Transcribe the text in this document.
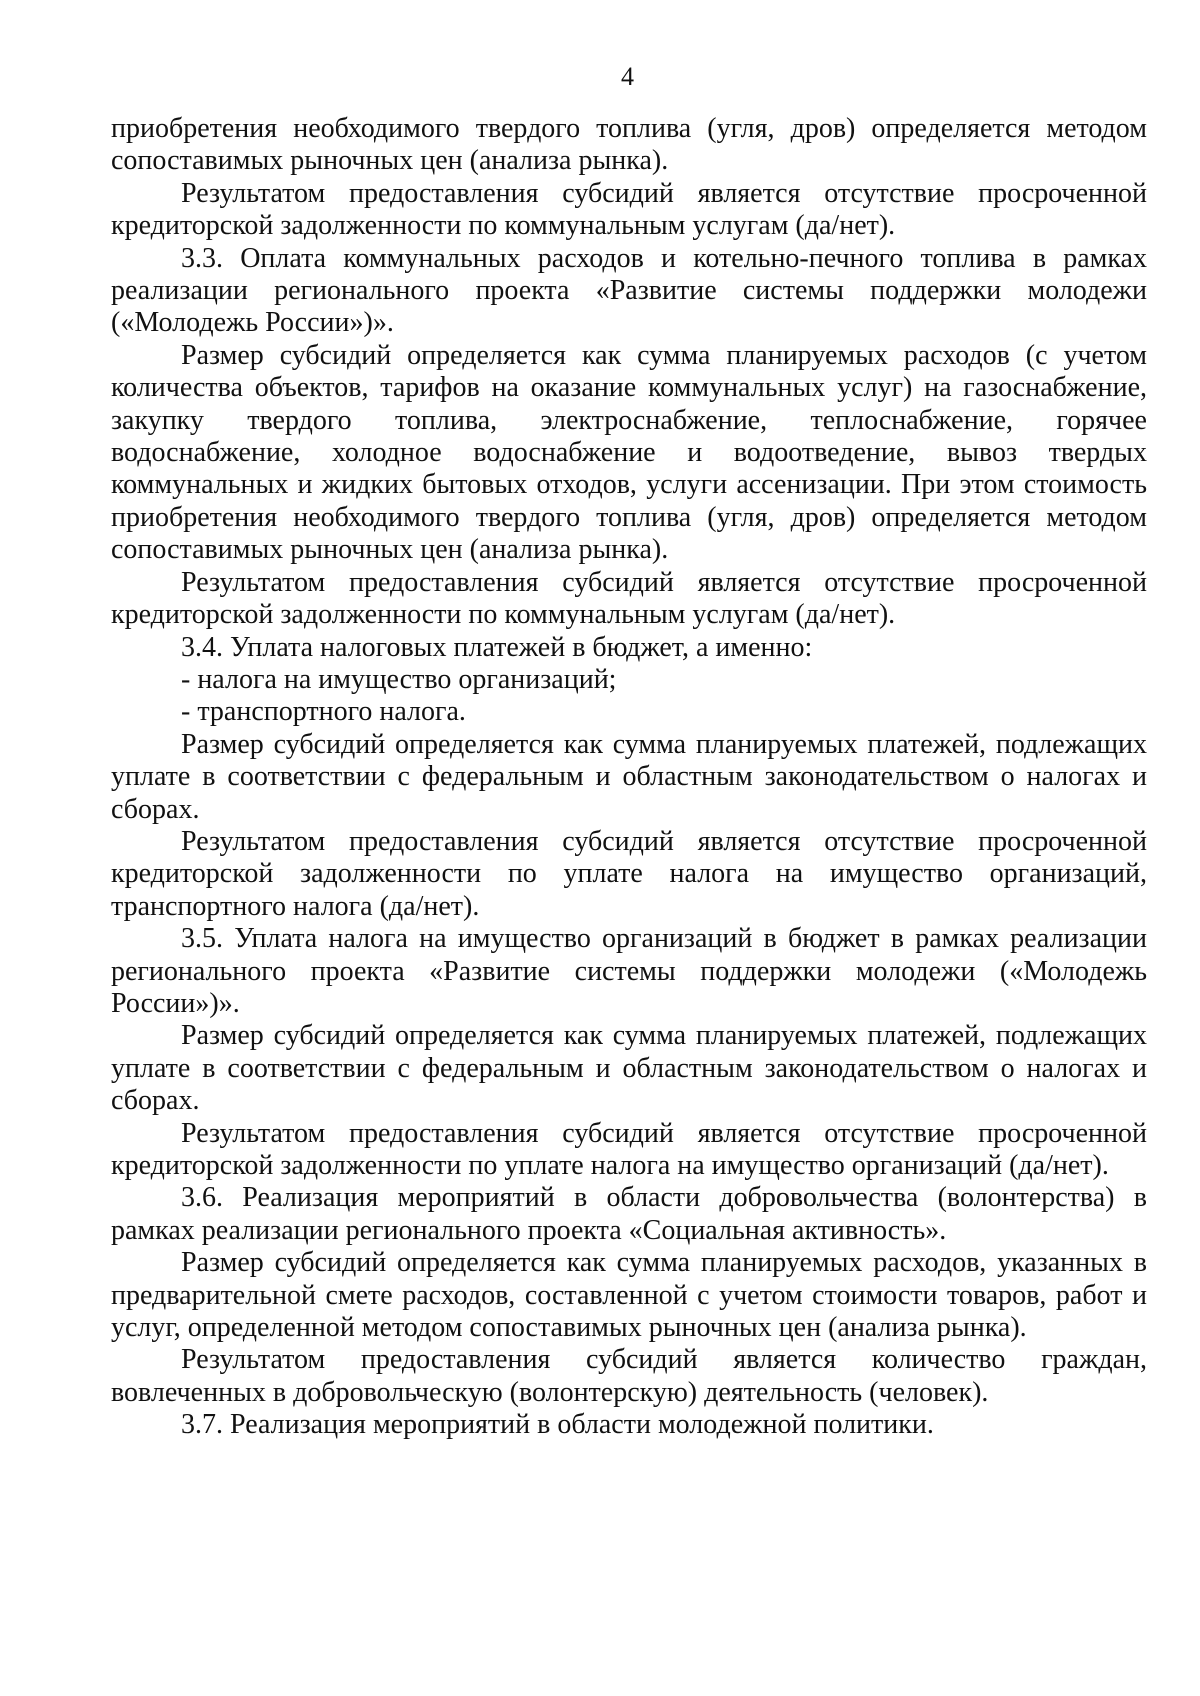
4

приобретения необходимого твердого топлива (угля, дров) определяется методом сопоставимых рыночных цен (анализа рынка).

Результатом предоставления субсидий является отсутствие просроченной кредиторской задолженности по коммунальным услугам (да/нет).

3.3. Оплата коммунальных расходов и котельно-печного топлива в рамках реализации регионального проекта «Развитие системы поддержки молодежи («Молодежь России»)».

Размер субсидий определяется как сумма планируемых расходов (с учетом количества объектов, тарифов на оказание коммунальных услуг) на газоснабжение, закупку твердого топлива, электроснабжение, теплоснабжение, горячее водоснабжение, холодное водоснабжение и водоотведение, вывоз твердых коммунальных и жидких бытовых отходов, услуги ассенизации. При этом стоимость приобретения необходимого твердого топлива (угля, дров) определяется методом сопоставимых рыночных цен (анализа рынка).

Результатом предоставления субсидий является отсутствие просроченной кредиторской задолженности по коммунальным услугам (да/нет).

3.4. Уплата налоговых платежей в бюджет, а именно:

- налога на имущество организаций;

- транспортного налога.

Размер субсидий определяется как сумма планируемых платежей, подлежащих уплате в соответствии с федеральным и областным законодательством о налогах и сборах.

Результатом предоставления субсидий является отсутствие просроченной кредиторской задолженности по уплате налога на имущество организаций, транспортного налога (да/нет).

3.5. Уплата налога на имущество организаций в бюджет в рамках реализации регионального проекта «Развитие системы поддержки молодежи («Молодежь России»)».

Размер субсидий определяется как сумма планируемых платежей, подлежащих уплате в соответствии с федеральным и областным законодательством о налогах и сборах.

Результатом предоставления субсидий является отсутствие просроченной кредиторской задолженности по уплате налога на имущество организаций (да/нет).

3.6. Реализация мероприятий в области добровольчества (волонтерства) в рамках реализации регионального проекта «Социальная активность».

Размер субсидий определяется как сумма планируемых расходов, указанных в предварительной смете расходов, составленной с учетом стоимости товаров, работ и услуг, определенной методом сопоставимых рыночных цен (анализа рынка).

Результатом предоставления субсидий является количество граждан, вовлеченных в добровольческую (волонтерскую) деятельность (человек).

3.7. Реализация мероприятий в области молодежной политики.
